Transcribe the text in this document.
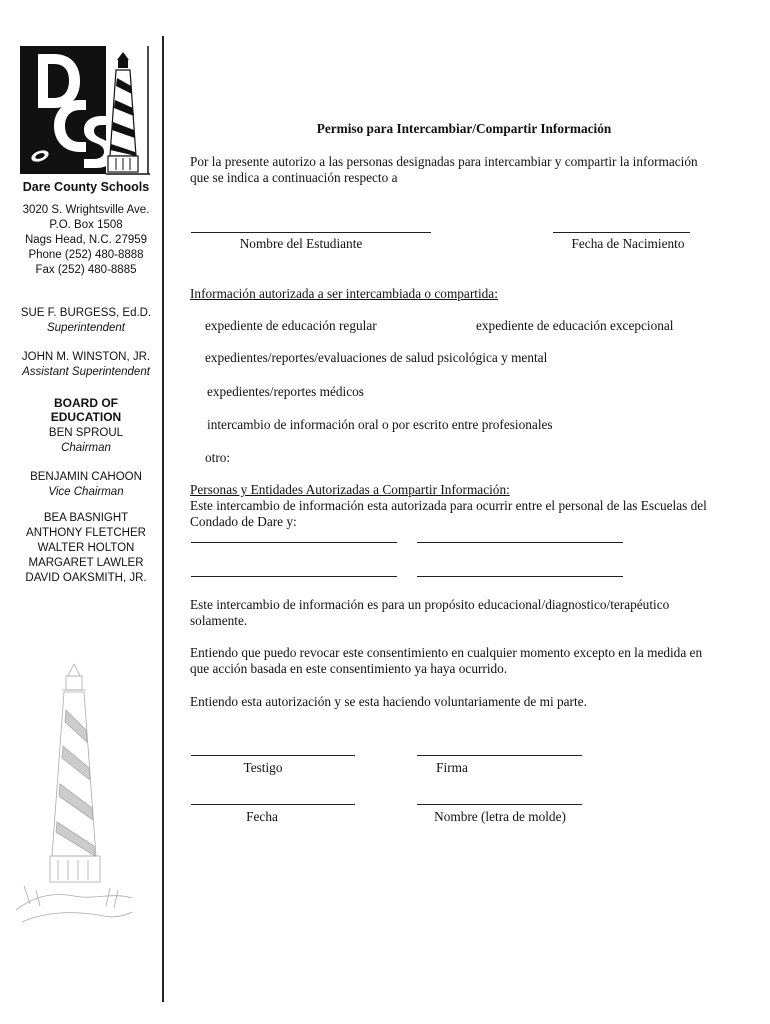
Dare County Schools
3020 S. Wrightsville Ave.
P.O. Box 1508
Nags Head, N.C. 27959
Phone (252) 480-8888
Fax (252) 480-8885
SUE F. BURGESS, Ed.D.
Superintendent
JOHN M. WINSTON, JR.
Assistant Superintendent
BOARD OF EDUCATION
BEN SPROUL
Chairman
BENJAMIN CAHOON
Vice Chairman
BEA BASNIGHT
ANTHONY FLETCHER
WALTER HOLTON
MARGARET LAWLER
DAVID OAKSMITH, JR.
Permiso para Intercambiar/Compartir Información
Por la presente autorizo a las personas designadas para intercambiar y compartir la información
que se indica a continuación respecto a
Nombre del Estudiante	Fecha de Nacimiento
Información autorizada a ser intercambiada o compartida:
expediente de educación regular	expediente de educación excepcional
expedientes/reportes/evaluaciones de salud psicológica y mental
expedientes/reportes médicos
intercambio de información oral o por escrito entre profesionales
otro:
Personas y Entidades Autorizadas a Compartir Información:
Este intercambio de información esta autorizada para ocurrir entre el personal de las Escuelas del
Condado de Dare y:
Este intercambio de información es para un propósito educacional/diagnostico/terapéutico
solamente.
Entiendo que puedo revocar este consentimiento en cualquier momento excepto en la medida en
que acción basada en este consentimiento ya haya ocurrido.
Entiendo esta autorización y se esta haciendo voluntariamente de mi parte.
Testigo	Firma
Fecha	Nombre (letra de molde)
